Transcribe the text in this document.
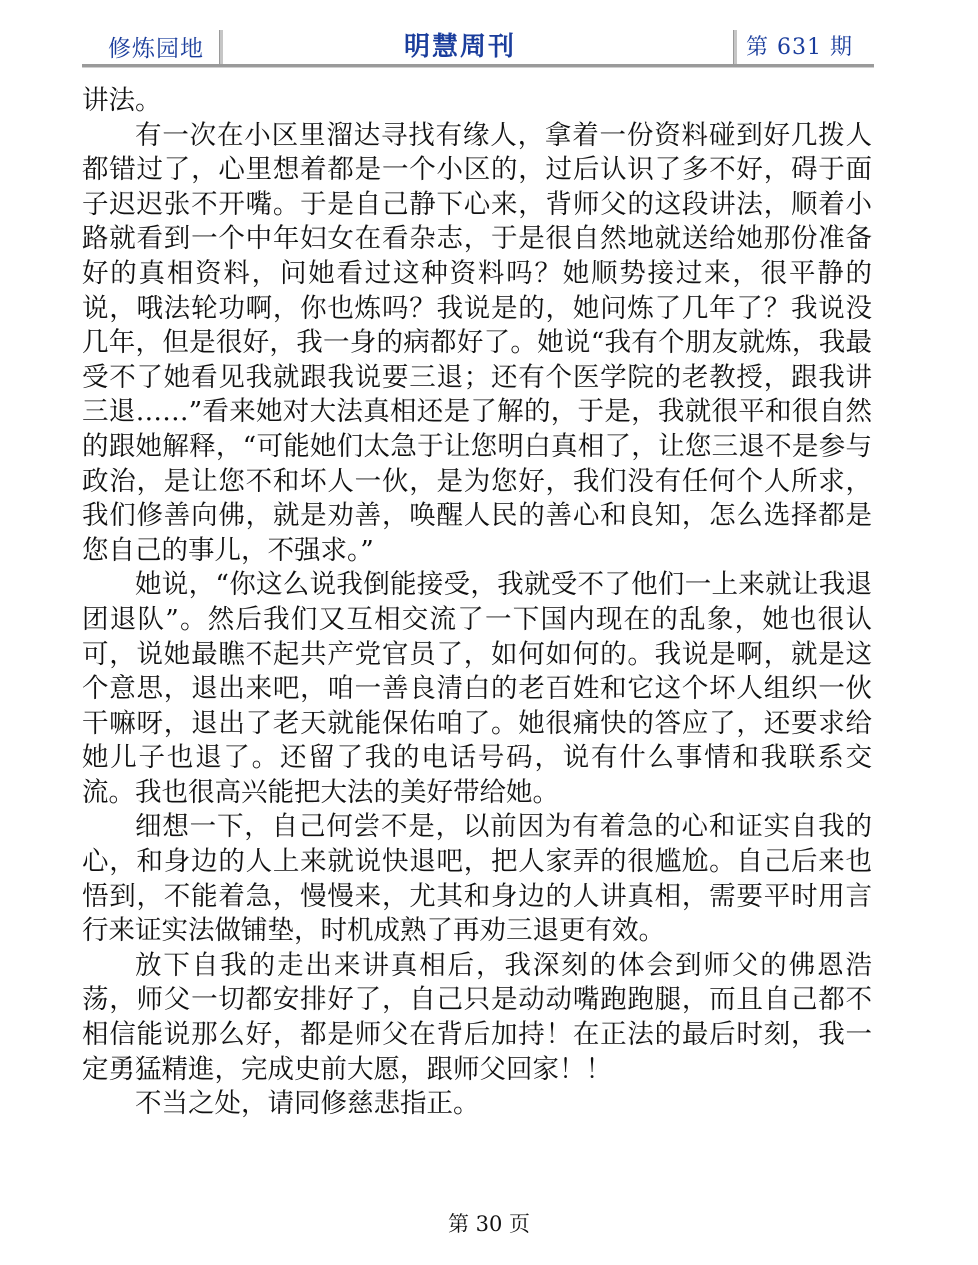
修炼园地	明慧周刊	第 631 期

讲法。

有一次在小区里溜达寻找有缘人，拿着一份资料碰到好几拨人都错过了，心里想着都是一个小区的，过后认识了多不好，碍于面子迟迟张不开嘴。于是自己静下心来，背师父的这段讲法，顺着小路就看到一个中年妇女在看杂志，于是很自然地就送给她那份准备好的真相资料，问她看过这种资料吗？她顺势接过来，很平静的说，哦法轮功啊，你也炼吗？我说是的，她问炼了几年了？我说没几年，但是很好，我一身的病都好了。她说“我有个朋友就炼，我最受不了她看见我就跟我说要三退；还有个医学院的老教授，跟我讲三退……”看来她对大法真相还是了解的，于是，我就很平和很自然的跟她解释，“可能她们太急于让您明白真相了，让您三退不是参与政治，是让您不和坏人一伙，是为您好，我们没有任何个人所求，我们修善向佛，就是劝善，唤醒人民的善心和良知，怎么选择都是您自己的事儿，不强求。”

她说，“你这么说我倒能接受，我就受不了他们一上来就让我退团退队”。然后我们又互相交流了一下国内现在的乱象，她也很认可，说她最瞧不起共产党官员了，如何如何的。我说是啊，就是这个意思，退出来吧，咱一善良清白的老百姓和它这个坏人组织一伙干嘛呀，退出了老天就能保佑咱了。她很痛快的答应了，还要求给她儿子也退了。还留了我的电话号码，说有什么事情和我联系交流。我也很高兴能把大法的美好带给她。

细想一下，自己何尝不是，以前因为有着急的心和证实自我的心，和身边的人上来就说快退吧，把人家弄的很尴尬。自己后来也悟到，不能着急，慢慢来，尤其和身边的人讲真相，需要平时用言行来证实法做铺垫，时机成熟了再劝三退更有效。

放下自我的走出来讲真相后，我深刻的体会到师父的佛恩浩荡，师父一切都安排好了，自己只是动动嘴跑跑腿，而且自己都不相信能说那么好，都是师父在背后加持！在正法的最后时刻，我一定勇猛精進，完成史前大愿，跟师父回家！！

不当之处，请同修慈悲指正。

第 30 页
